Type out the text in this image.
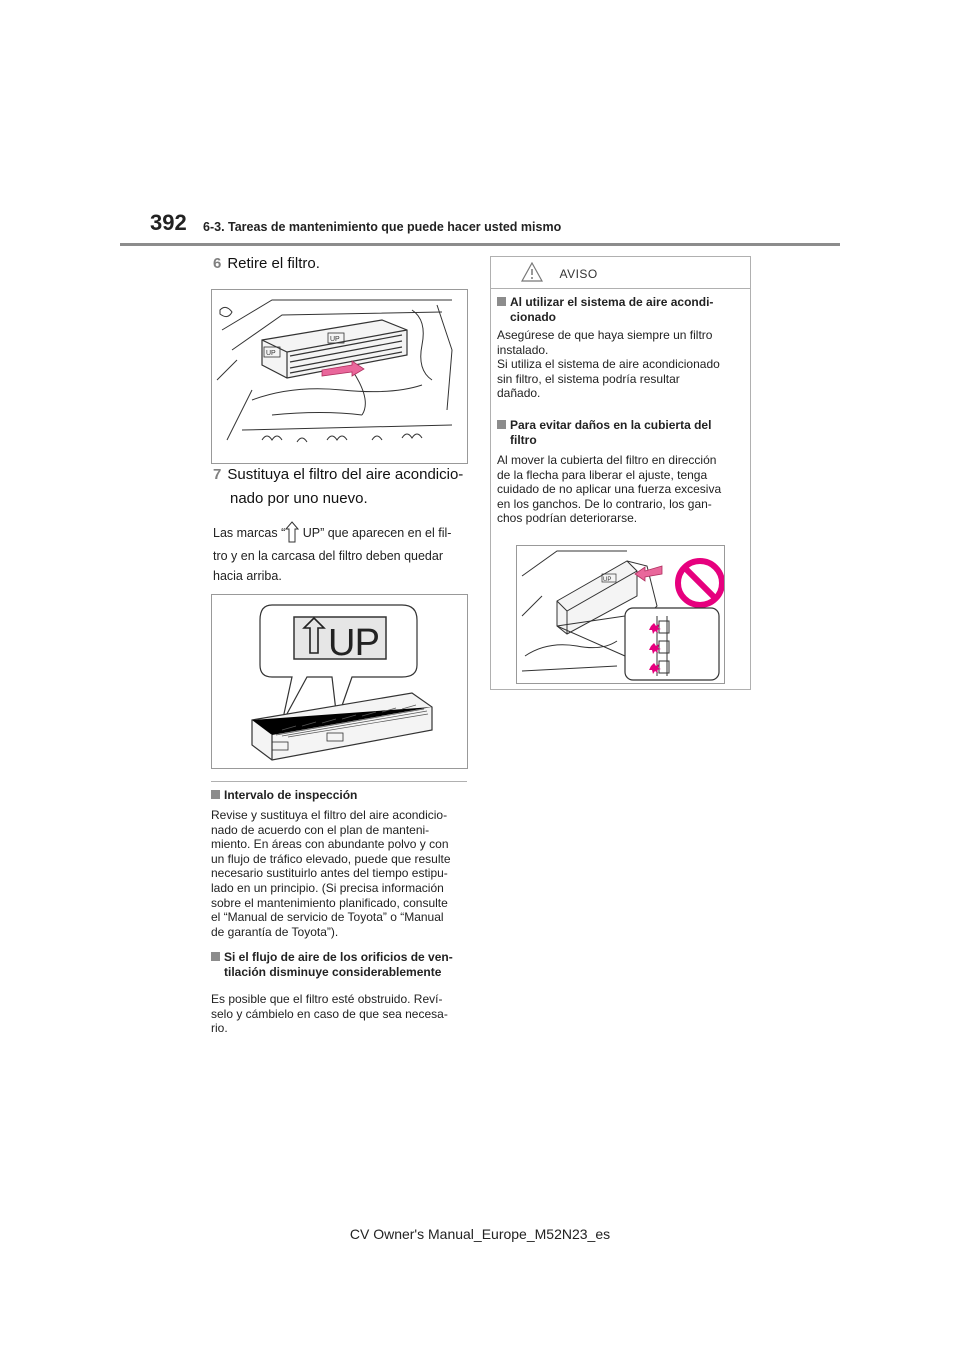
392 6-3. Tareas de mantenimiento que puede hacer usted mismo
6 Retire el filtro.
UP
UP
7 Sustituya el filtro del aire acondicio-
nado por uno nuevo.
Las marcas “ UP” que aparecen en el fil-
tro y en la carcasa del filtro deben quedar
hacia arriba.
UP
Intervalo de inspección
Revise y sustituya el filtro del aire acondicio-
nado de acuerdo con el plan de manteni-
miento. En áreas con abundante polvo y con
un flujo de tráfico elevado, puede que resulte
necesario sustituirlo antes del tiempo estipu-
lado en un principio. (Si precisa información
sobre el mantenimiento planificado, consulte
el “Manual de servicio de Toyota” o “Manual
de garantía de Toyota”).
Si el flujo de aire de los orificios de ven-
tilación disminuye considerablemente
Es posible que el filtro esté obstruido. Reví-
selo y cámbielo en caso de que sea necesa-
rio.
AVISO
Al utilizar el sistema de aire acondi-
cionado
Asegúrese de que haya siempre un filtro
instalado.
Si utiliza el sistema de aire acondicionado
sin filtro, el sistema podría resultar
dañado.
Para evitar daños en la cubierta del
filtro
Al mover la cubierta del filtro en dirección
de la flecha para liberar el ajuste, tenga
cuidado de no aplicar una fuerza excesiva
en los ganchos. De lo contrario, los gan-
chos podrían deteriorarse.
UP
CV Owner's Manual_Europe_M52N23_es
